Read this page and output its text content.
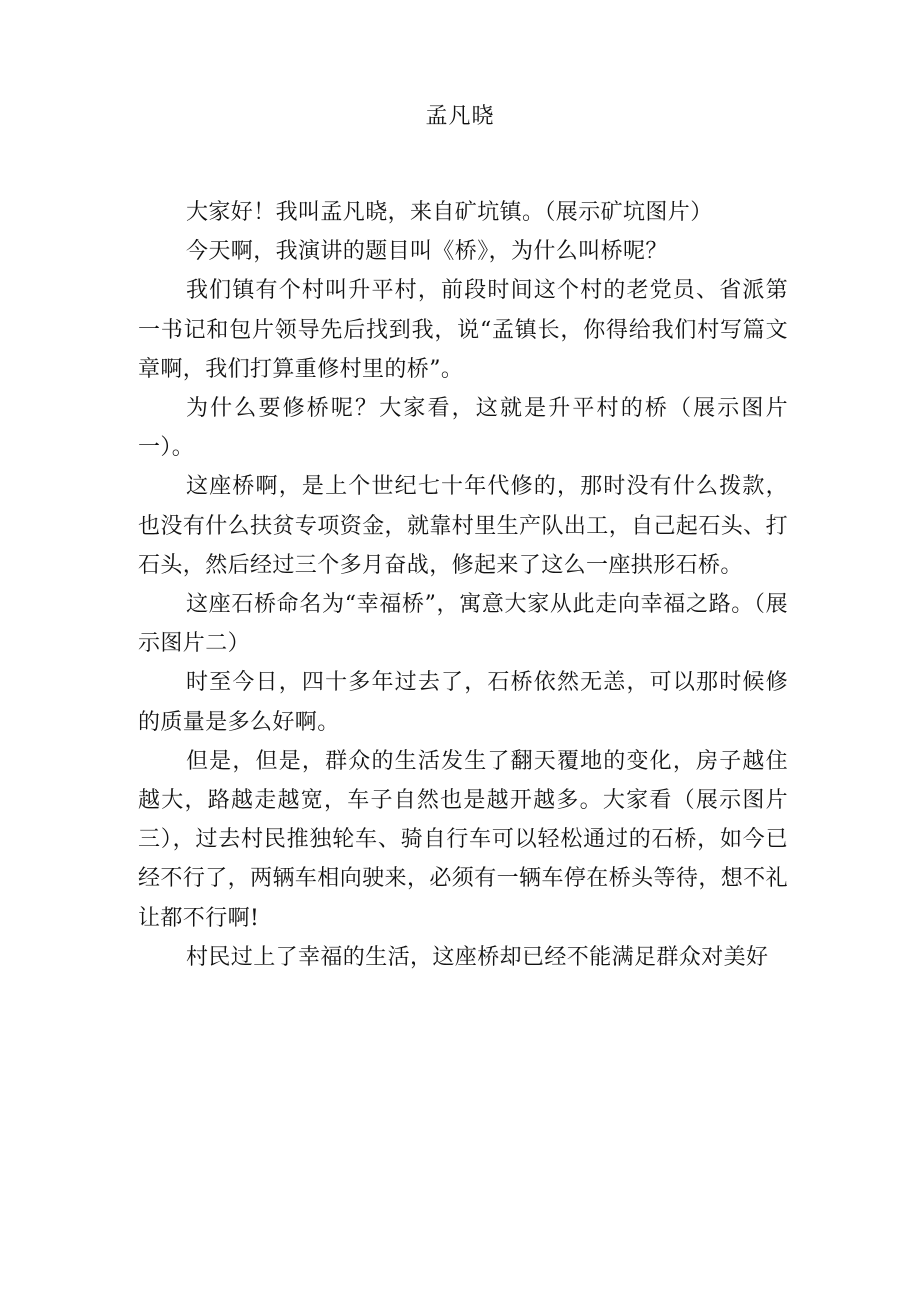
孟凡晓

大家好！我叫孟凡晓，来自矿坑镇。（展示矿坑图片）

今天啊，我演讲的题目叫《桥》，为什么叫桥呢？

我们镇有个村叫升平村，前段时间这个村的老党员、省派第一书记和包片领导先后找到我，说“孟镇长，你得给我们村写篇文章啊，我们打算重修村里的桥”。

为什么要修桥呢？大家看，这就是升平村的桥（展示图片一）。

这座桥啊，是上个世纪七十年代修的，那时没有什么拨款，也没有什么扶贫专项资金，就靠村里生产队出工，自己起石头、打石头，然后经过三个多月奋战，修起来了这么一座拱形石桥。

这座石桥命名为“幸福桥”，寓意大家从此走向幸福之路。（展示图片二）

时至今日，四十多年过去了，石桥依然无恙，可以那时候修的质量是多么好啊。

但是，但是，群众的生活发生了翻天覆地的变化，房子越住越大，路越走越宽，车子自然也是越开越多。大家看（展示图片三），过去村民推独轮车、骑自行车可以轻松通过的石桥，如今已经不行了，两辆车相向驶来，必须有一辆车停在桥头等待，想不礼让都不行啊!

村民过上了幸福的生活，这座桥却已经不能满足群众对美好
